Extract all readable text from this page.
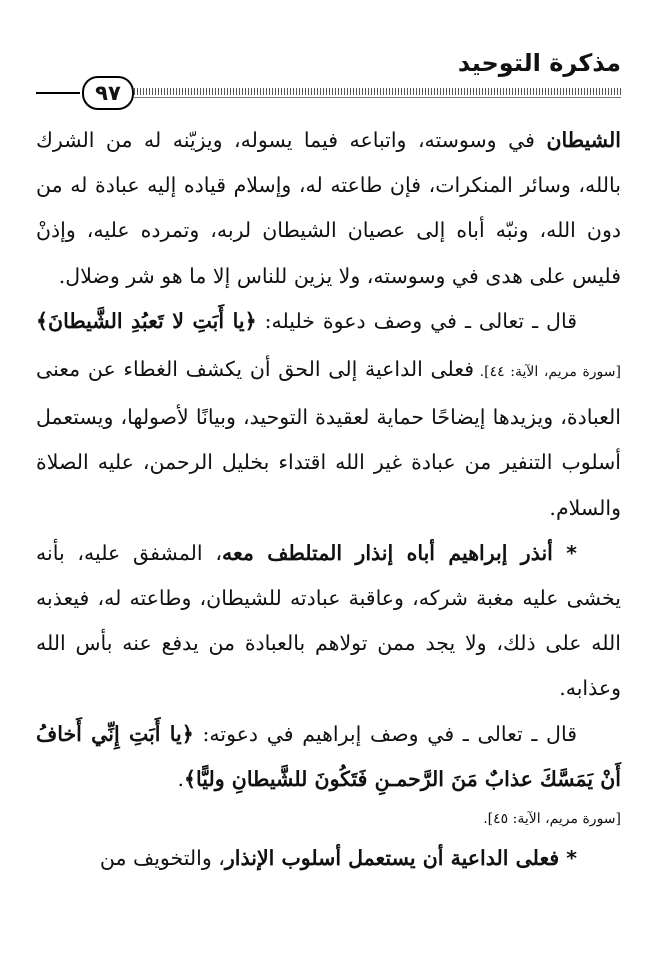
مذكرة التوحيد
٩٧

الشيطان في وسوسته، واتباعه فيما يسوله، ويزيّنه له من الشرك بالله، وسائر المنكرات، فإن طاعته له، وإسلام قياده إليه عبادة له من دون الله، ونبّه أباه إلى عصيان الشيطان لربه، وتمرده عليه، وإذنْ فليس على هدى في وسوسته، ولا يزين للناس إلا ما هو شر وضلال.

قال ـ تعالى ـ في وصف دعوة خليله: ﴿يا أَبَتِ لا تَعبُدِ الشَّيطانَ﴾ [سورة مريم، الآية: ٤٤]. فعلى الداعية إلى الحق أن يكشف الغطاء عن معنى العبادة، ويزيدها إيضاحًا حماية لعقيدة التوحيد، وبيانًا لأصولها، ويستعمل أسلوب التنفير من عبادة غير الله اقتداء بخليل الرحمن، عليه الصلاة والسلام.

* أنذر إبراهيم أباه إنذار المتلطف معه، المشفق عليه، بأنه يخشى عليه مغبة شركه، وعاقبة عبادته للشيطان، وطاعته له، فيعذبه الله على ذلك، ولا يجد ممن تولاهم بالعبادة من يدفع عنه بأس الله وعذابه.

قال ـ تعالى ـ في وصف إبراهيم في دعوته: ﴿يا أَبَتِ إِنِّي أَخافُ أَنْ يَمَسَّكَ عذابٌ مَنَ الرَّحمـنِ فَتَكُونَ للشَّيطانِ وليًّا﴾.

[سورة مريم، الآية: ٤٥].

* فعلى الداعية أن يستعمل أسلوب الإنذار، والتخويف من
